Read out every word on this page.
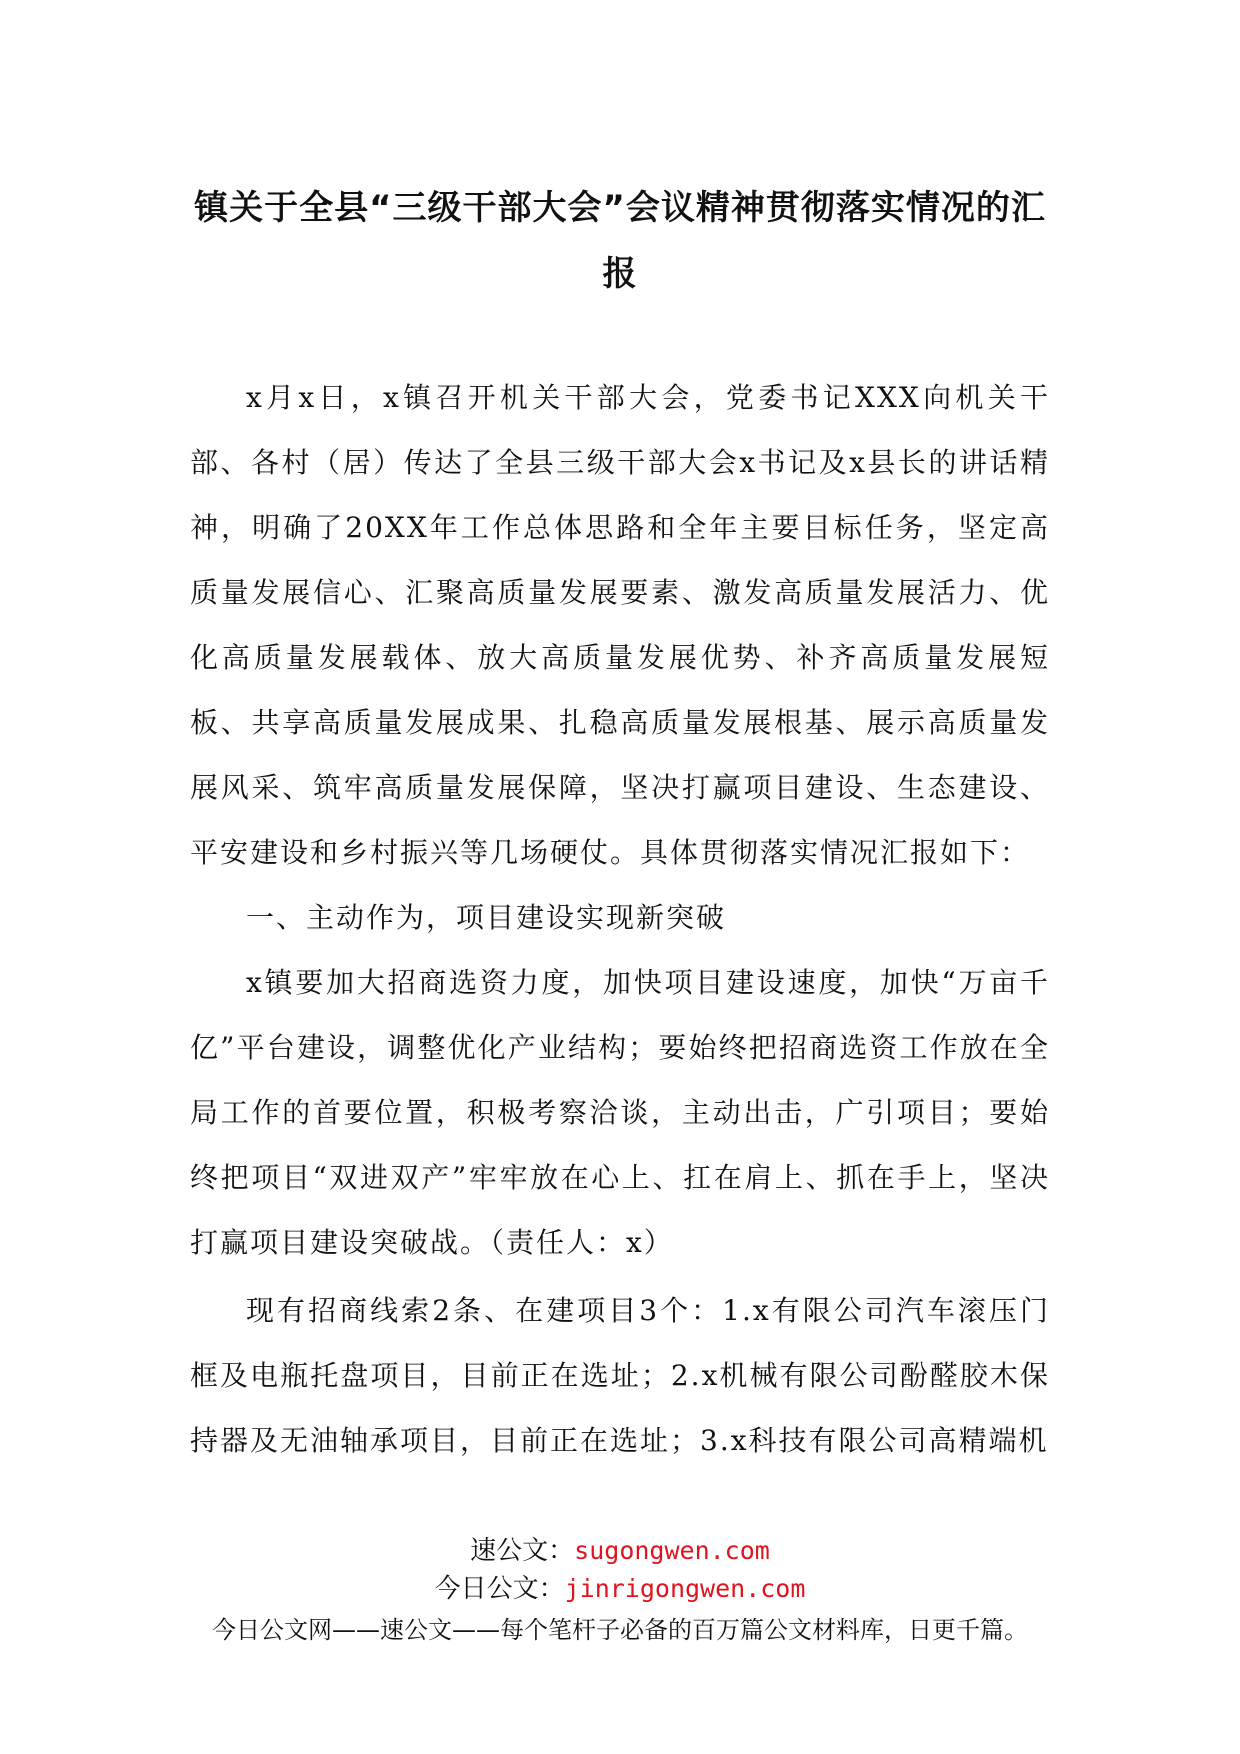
镇关于全县“三级干部大会”会议精神贯彻落实情况的汇
报

x月x日，x镇召开机关干部大会，党委书记XXX向机关干部、各村（居）传达了全县三级干部大会x书记及x县长的讲话精神，明确了20XX年工作总体思路和全年主要目标任务，坚定高质量发展信心、汇聚高质量发展要素、激发高质量发展活力、优化高质量发展载体、放大高质量发展优势、补齐高质量发展短板、共享高质量发展成果、扎稳高质量发展根基、展示高质量发展风采、筑牢高质量发展保障，坚决打赢项目建设、生态建设、平安建设和乡村振兴等几场硬仗。具体贯彻落实情况汇报如下：

一、主动作为，项目建设实现新突破

x镇要加大招商选资力度，加快项目建设速度，加快“万亩千亿”平台建设，调整优化产业结构；要始终把招商选资工作放在全局工作的首要位置，积极考察洽谈，主动出击，广引项目；要始终把项目“双进双产”牢牢放在心上、扛在肩上、抓在手上，坚决打赢项目建设突破战。（责任人：x）

现有招商线索2条、在建项目3个：1.x有限公司汽车滚压门框及电瓶托盘项目，目前正在选址；2.x机械有限公司酚醛胶木保持器及无油轴承项目，目前正在选址；3.x科技有限公司高精端机

速公文：sugongwen.com
今日公文：jinrigongwen.com
今日公文网——速公文——每个笔杆子必备的百万篇公文材料库，日更千篇。
